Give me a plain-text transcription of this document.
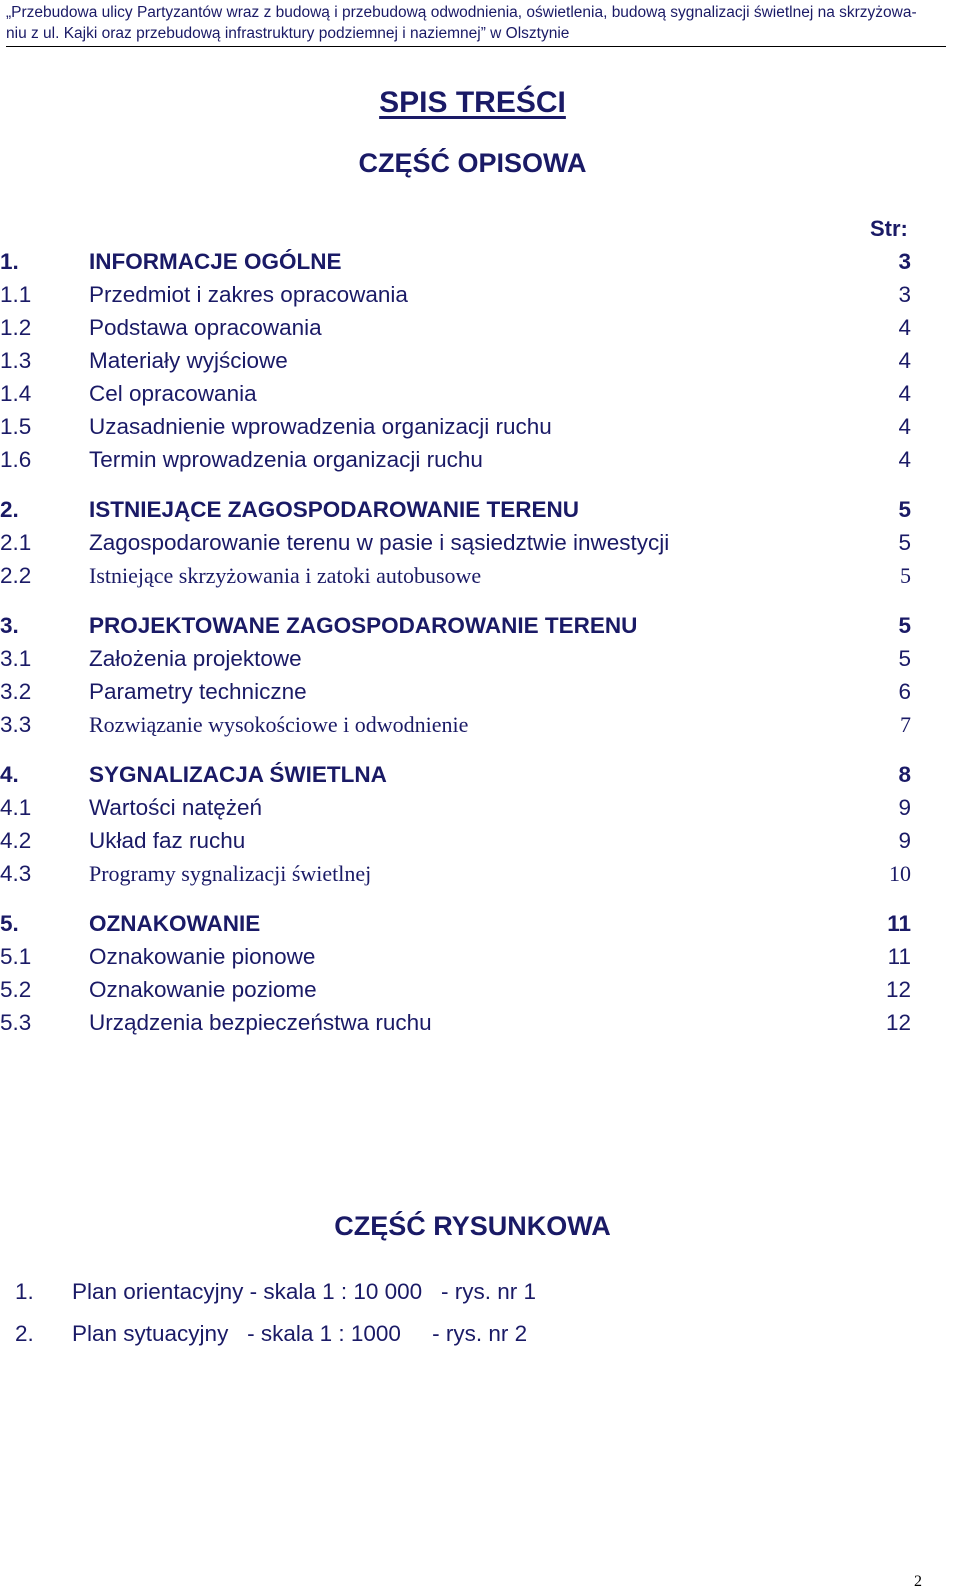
„Przebudowa ulicy Partyzantów wraz z budową i przebudową odwodnienia, oświetlenia, budową sygnalizacji świetlnej na skrzyżowa-
niu z ul. Kajki oraz przebudową infrastruktury podziemnej i naziemnej” w Olsztynie
SPIS TREŚCI
CZĘŚĆ OPISOWA
Str:
1.	INFORMACJE OGÓLNE	3
1.1	Przedmiot i zakres opracowania	3
1.2	Podstawa opracowania	4
1.3	Materiały wyjściowe	4
1.4	Cel opracowania	4
1.5	Uzasadnienie wprowadzenia organizacji ruchu	4
1.6	Termin wprowadzenia organizacji ruchu	4
2.	ISTNIEJĄCE ZAGOSPODAROWANIE TERENU	5
2.1	Zagospodarowanie terenu w pasie i sąsiedztwie inwestycji	5
2.2	Istniejące skrzyżowania i zatoki autobusowe	5
3.	PROJEKTOWANE ZAGOSPODAROWANIE TERENU	5
3.1	Założenia projektowe	5
3.2	Parametry techniczne	6
3.3	Rozwiązanie wysokościowe i odwodnienie	7
4.	SYGNALIZACJA ŚWIETLNA	8
4.1	Wartości natężeń	9
4.2	Układ faz ruchu	9
4.3	Programy sygnalizacji świetlnej	10
5.	OZNAKOWANIE	11
5.1	Oznakowanie pionowe	11
5.2	Oznakowanie poziome	12
5.3	Urządzenia bezpieczeństwa ruchu	12
CZĘŚĆ RYSUNKOWA
1. Plan orientacyjny - skala 1 : 10 000   - rys. nr 1
2. Plan sytuacyjny   - skala 1 : 1000     - rys. nr 2
2
